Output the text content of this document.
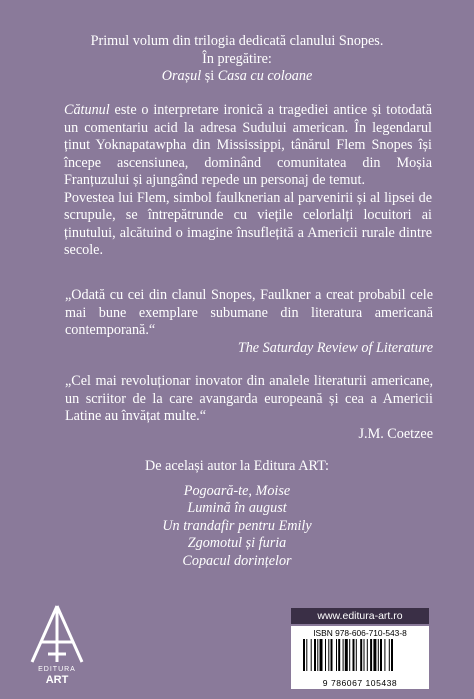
Primul volum din trilogia dedicată clanului Snopes.
În pregătire:
Orașul și Casa cu coloane

Cătunul este o interpretare ironică a tragediei antice și totodată un comentariu acid la adresa Sudului american. În legendarul ținut Yoknapatawpha din Mississippi, tânărul Flem Snopes își începe ascensiunea, dominând comunitatea din Moșia Franțuzului și ajungând repede un personaj de temut.

Povestea lui Flem, simbol faulknerian al parvenirii și al lipsei de scrupule, se întrepătrunde cu viețile celorlalți locuitori ai ținutului, alcătuind o imagine însuflețită a Americii rurale dintre secole.

„Odată cu cei din clanul Snopes, Faulkner a creat probabil cele mai bune exemplare subumane din literatura americană contemporană.“
The Saturday Review of Literature
„Cel mai revoluționar inovator din analele literaturii americane, un scriitor de la care avangarda europeană și cea a Americii Latine au învățat multe.“
J.M. Coetzee
De același autor la Editura ART:
Pogoară-te, Moise
Lumină în august
Un trandafir pentru Emily
Zgomotul și furia
Copacul dorințelor
EDITURA
ART
www.editura-art.ro
ISBN 978-606-710-543-8
9 786067 105438
